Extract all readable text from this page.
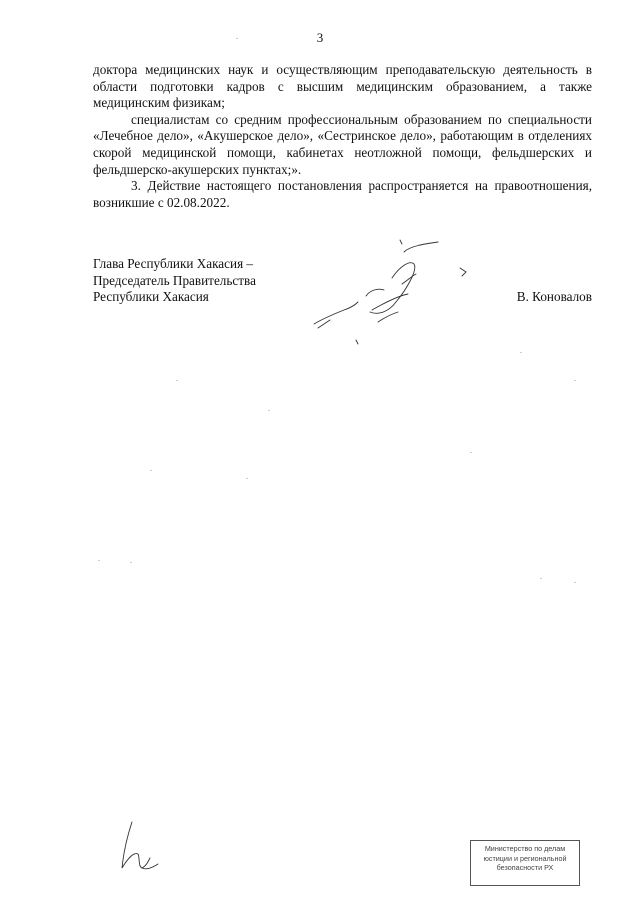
3

доктора медицинских наук и осуществляющим преподавательскую деятельность в области подготовки кадров с высшим медицинским образованием, а также медицинским физикам;

специалистам со средним профессиональным образованием по специальности «Лечебное дело», «Акушерское дело», «Сестринское дело», работающим в отделениях скорой медицинской помощи, кабинетах неотложной помощи, фельдшерских и фельдшерско-акушерских пунктах;».

3. Действие настоящего постановления распространяется на правоотношения, возникшие с 02.08.2022.

Глава Республики Хакасия –
Председатель Правительства
Республики Хакасия	В. Коновалов
Министерство по делам
юстиции и региональной
безопасности РХ
